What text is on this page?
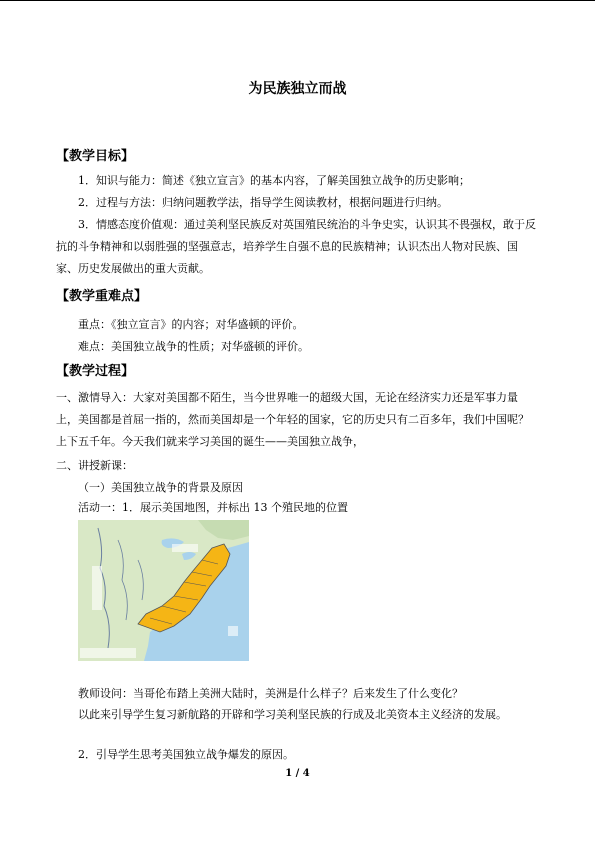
为民族独立而战
【教学目标】
1．知识与能力：简述《独立宣言》的基本内容，了解美国独立战争的历史影响；
2．过程与方法：归纳问题教学法，指导学生阅读教材，根据问题进行归纳。
3．情感态度价值观：通过美利坚民族反对英国殖民统治的斗争史实，认识其不畏强权，敢于反抗的斗争精神和以弱胜强的坚强意志，培养学生自强不息的民族精神；认识杰出人物对民族、国家、历史发展做出的重大贡献。
【教学重难点】
重点：《独立宣言》的内容；对华盛顿的评价。
难点：美国独立战争的性质；对华盛顿的评价。
【教学过程】
一、激情导入：大家对美国都不陌生，当今世界唯一的超级大国，无论在经济实力还是军事力量上，美国都是首屈一指的，然而美国却是一个年轻的国家，它的历史只有二百多年，我们中国呢？上下五千年。今天我们就来学习美国的诞生——美国独立战争，
二、讲授新课：
（一）美国独立战争的背景及原因
活动一：1．展示美国地图，并标出 13 个殖民地的位置
教师设问：当哥伦布踏上美洲大陆时，美洲是什么样子？后来发生了什么变化？
以此来引导学生复习新航路的开辟和学习美利坚民族的行成及北美资本主义经济的发展。
2．引导学生思考美国独立战争爆发的原因。
1 / 4
